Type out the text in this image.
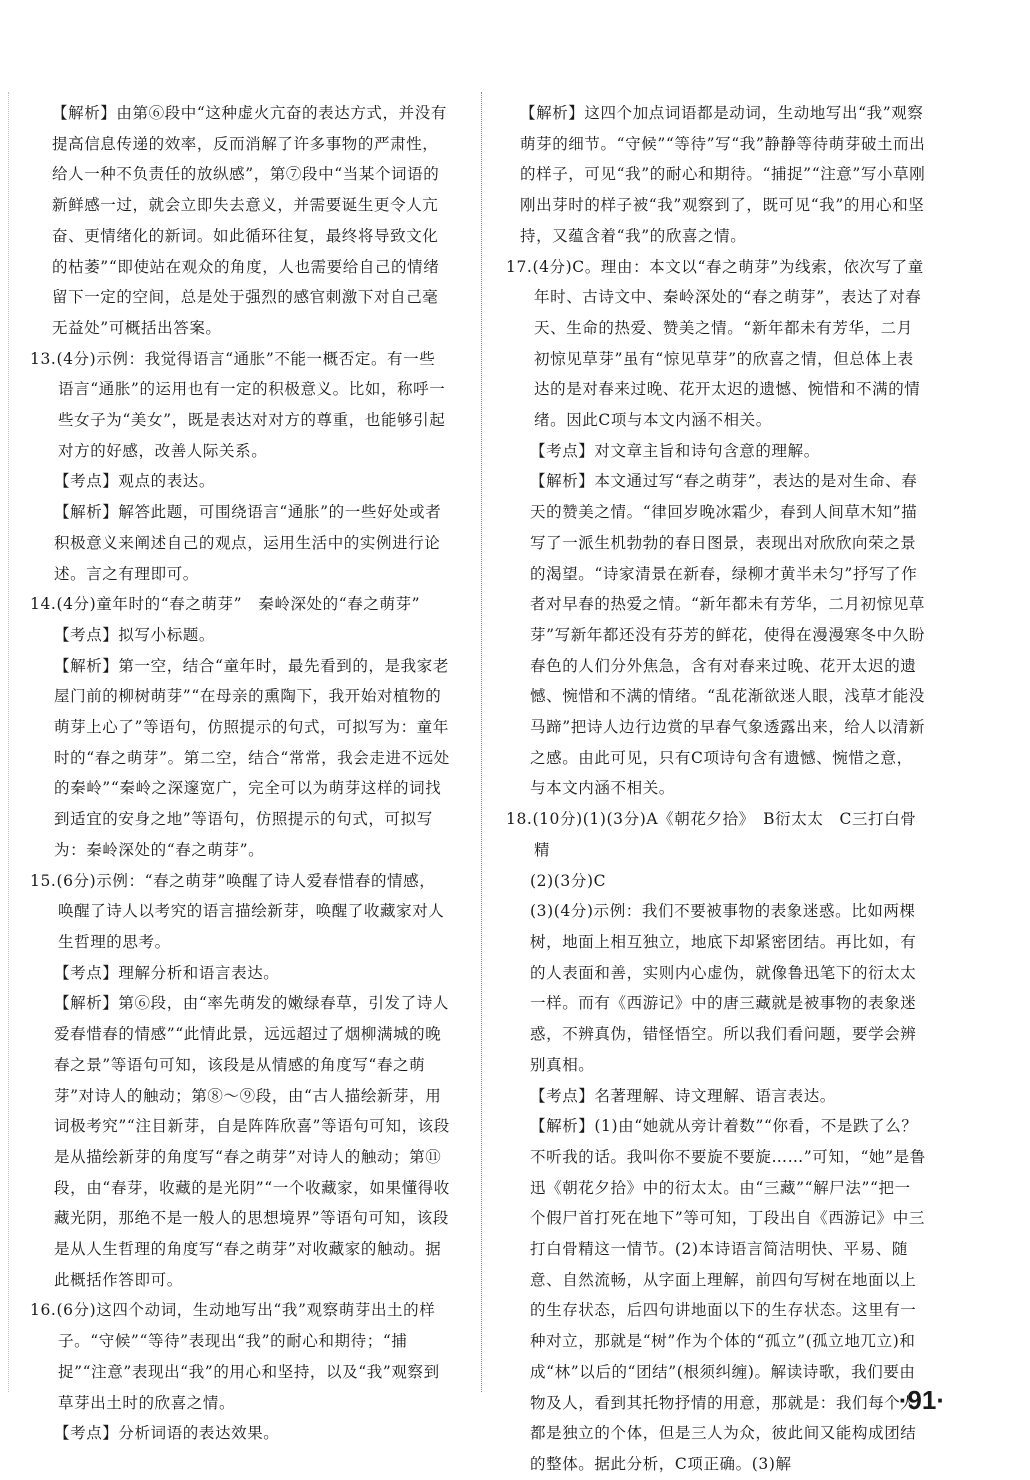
【解析】由第⑥段中“这种虚火亢奋的表达方式，并没有提高信息传递的效率，反而消解了许多事物的严肃性，给人一种不负责任的放纵感”，第⑦段中“当某个词语的新鲜感一过，就会立即失去意义，并需要诞生更令人亢奋、更情绪化的新词。如此循环往复，最终将导致文化的枯萎”“即使站在观众的角度，人也需要给自己的情绪留下一定的空间，总是处于强烈的感官刺激下对自己毫无益处”可概括出答案。

13.(4分)示例：我觉得语言“通胀”不能一概否定。有一些语言“通胀”的运用也有一定的积极意义。比如，称呼一些女子为“美女”，既是表达对对方的尊重，也能够引起对方的好感，改善人际关系。

【考点】观点的表达。

【解析】解答此题，可围绕语言“通胀”的一些好处或者积极意义来阐述自己的观点，运用生活中的实例进行论述。言之有理即可。

14.(4分)童年时的“春之萌芽”　秦岭深处的“春之萌芽”

【考点】拟写小标题。

【解析】第一空，结合“童年时，最先看到的，是我家老屋门前的柳树萌芽”“在母亲的熏陶下，我开始对植物的萌芽上心了”等语句，仿照提示的句式，可拟写为：童年时的“春之萌芽”。第二空，结合“常常，我会走进不远处的秦岭”“秦岭之深邃宽广，完全可以为萌芽这样的词找到适宜的安身之地”等语句，仿照提示的句式，可拟写为：秦岭深处的“春之萌芽”。

15.(6分)示例：“春之萌芽”唤醒了诗人爱春惜春的情感，唤醒了诗人以考究的语言描绘新芽，唤醒了收藏家对人生哲理的思考。

【考点】理解分析和语言表达。

【解析】第⑥段，由“率先萌发的嫩绿春草，引发了诗人爱春惜春的情感”“此情此景，远远超过了烟柳满城的晚春之景”等语句可知，该段是从情感的角度写“春之萌芽”对诗人的触动；第⑧～⑨段，由“古人描绘新芽，用词极考究”“注目新芽，自是阵阵欣喜”等语句可知，该段是从描绘新芽的角度写“春之萌芽”对诗人的触动；第⑪段，由“春芽，收藏的是光阴”“一个收藏家，如果懂得收藏光阴，那绝不是一般人的思想境界”等语句可知，该段是从人生哲理的角度写“春之萌芽”对收藏家的触动。据此概括作答即可。

16.(6分)这四个动词，生动地写出“我”观察萌芽出土的样子。“守候”“等待”表现出“我”的耐心和期待；“捕捉”“注意”表现出“我”的用心和坚持，以及“我”观察到草芽出土时的欣喜之情。

【考点】分析词语的表达效果。

【解析】这四个加点词语都是动词，生动地写出“我”观察萌芽的细节。“守候”“等待”写“我”静静等待萌芽破土而出的样子，可见“我”的耐心和期待。“捕捉”“注意”写小草刚刚出芽时的样子被“我”观察到了，既可见“我”的用心和坚持，又蕴含着“我”的欣喜之情。

17.(4分)C。理由：本文以“春之萌芽”为线索，依次写了童年时、古诗文中、秦岭深处的“春之萌芽”，表达了对春天、生命的热爱、赞美之情。“新年都未有芳华，二月初惊见草芽”虽有“惊见草芽”的欣喜之情，但总体上表达的是对春来过晚、花开太迟的遗憾、惋惜和不满的情绪。因此C项与本文内涵不相关。

【考点】对文章主旨和诗句含意的理解。

【解析】本文通过写“春之萌芽”，表达的是对生命、春天的赞美之情。“律回岁晚冰霜少，春到人间草木知”描写了一派生机勃勃的春日图景，表现出对欣欣向荣之景的渴望。“诗家清景在新春，绿柳才黄半未匀”抒写了作者对早春的热爱之情。“新年都未有芳华，二月初惊见草芽”写新年都还没有芬芳的鲜花，使得在漫漫寒冬中久盼春色的人们分外焦急，含有对春来过晚、花开太迟的遗憾、惋惜和不满的情绪。“乱花渐欲迷人眼，浅草才能没马蹄”把诗人边行边赏的早春气象透露出来，给人以清新之感。由此可见，只有C项诗句含有遗憾、惋惜之意，与本文内涵不相关。

18.(10分)(1)(3分)A《朝花夕拾》　B衍太太　C三打白骨精

(2)(3分)C

(3)(4分)示例：我们不要被事物的表象迷惑。比如两棵树，地面上相互独立，地底下却紧密团结。再比如，有的人表面和善，实则内心虚伪，就像鲁迅笔下的衍太太一样。而有《西游记》中的唐三藏就是被事物的表象迷惑，不辨真伪，错怪悟空。所以我们看问题，要学会辨别真相。

【考点】名著理解、诗文理解、语言表达。

【解析】(1)由“她就从旁计着数”“你看，不是跌了么？不听我的话。我叫你不要旋不要旋……”可知，“她”是鲁迅《朝花夕拾》中的衍太太。由“三藏”“解尸法”“把一个假尸首打死在地下”等可知，丁段出自《西游记》中三打白骨精这一情节。(2)本诗语言简洁明快、平易、随意、自然流畅，从字面上理解，前四句写树在地面以上的生存状态，后四句讲地面以下的生存状态。这里有一种对立，那就是“树”作为个体的“孤立”(孤立地兀立)和成“林”以后的“团结”(根须纠缠)。解读诗歌，我们要由物及人，看到其托物抒情的用意，那就是：我们每个人都是独立的个体，但是三人为众，彼此间又能构成团结的整体。据此分析，C项正确。(3)解

·91·
